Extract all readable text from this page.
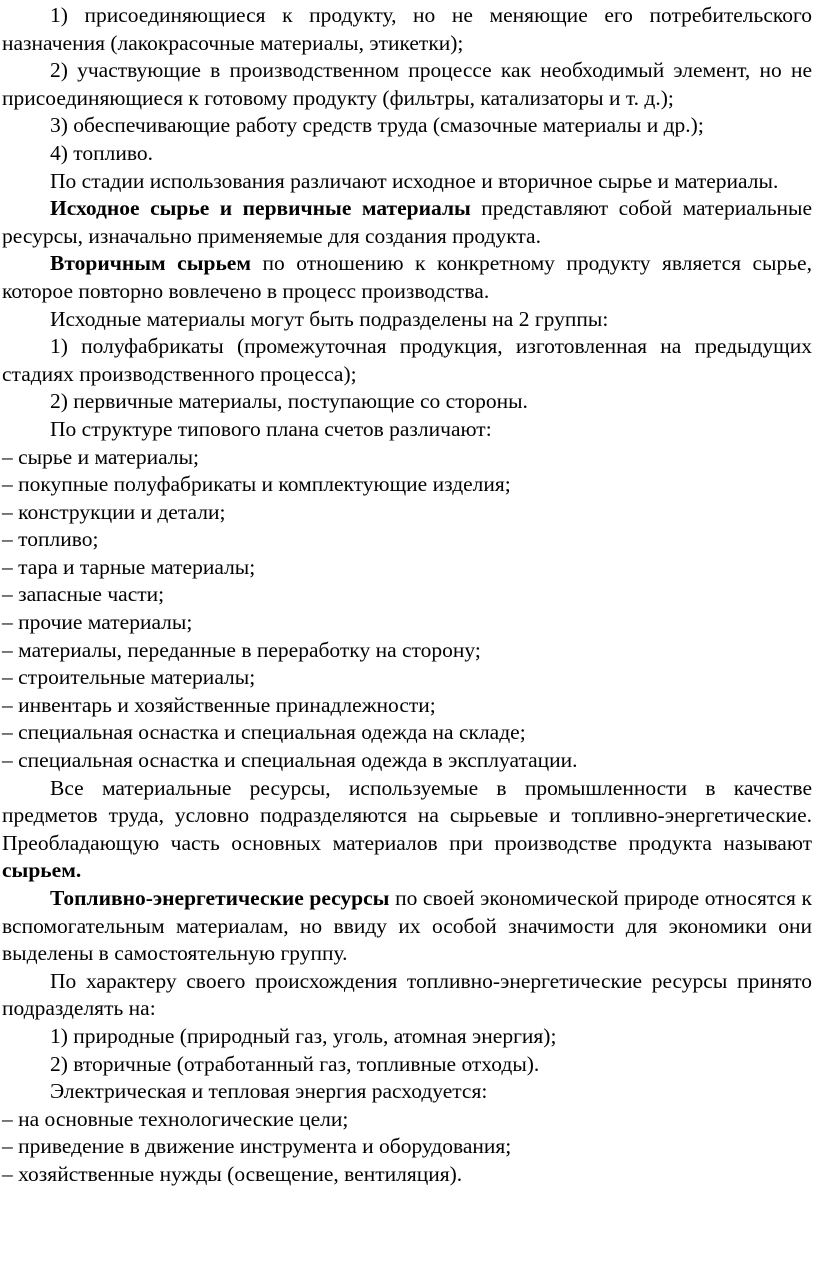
1) присоединяющиеся к продукту, но не меняющие его потребительского назначения (лакокрасочные материалы, этикетки);

2) участвующие в производственном процессе как необходимый элемент, но не присоединяющиеся к готовому продукту (фильтры, катализаторы и т. д.);

3) обеспечивающие работу средств труда (смазочные материалы и др.);

4) топливо.

По стадии использования различают исходное и вторичное сырье и материалы.

Исходное сырье и первичные материалы представляют собой материальные ресурсы, изначально применяемые для создания продукта.

Вторичным сырьем по отношению к конкретному продукту является сырье, которое повторно вовлечено в процесс производства.

Исходные материалы могут быть подразделены на 2 группы:

1) полуфабрикаты (промежуточная продукция, изготовленная на предыдущих стадиях производственного процесса);

2) первичные материалы, поступающие со стороны.

По структуре типового плана счетов различают:

– сырье и материалы;

– покупные полуфабрикаты и комплектующие изделия;

– конструкции и детали;

– топливо;

– тара и тарные материалы;

– запасные части;

– прочие материалы;

– материалы, переданные в переработку на сторону;

– строительные материалы;

– инвентарь и хозяйственные принадлежности;

– специальная оснастка и специальная одежда на складе;

– специальная оснастка и специальная одежда в эксплуатации.

Все материальные ресурсы, используемые в промышленности в качестве предметов труда, условно подразделяются на сырьевые и топливно-энергетические. Преобладающую часть основных материалов при производстве продукта называют сырьем.

Топливно-энергетические ресурсы по своей экономической природе относятся к вспомогательным материалам, но ввиду их особой значимости для экономики они выделены в самостоятельную группу.

По характеру своего происхождения топливно-энергетические ресурсы принято подразделять на:

1) природные (природный газ, уголь, атомная энергия);

2) вторичные (отработанный газ, топливные отходы).

Электрическая и тепловая энергия расходуется:

– на основные технологические цели;

– приведение в движение инструмента и оборудования;

– хозяйственные нужды (освещение, вентиляция).
